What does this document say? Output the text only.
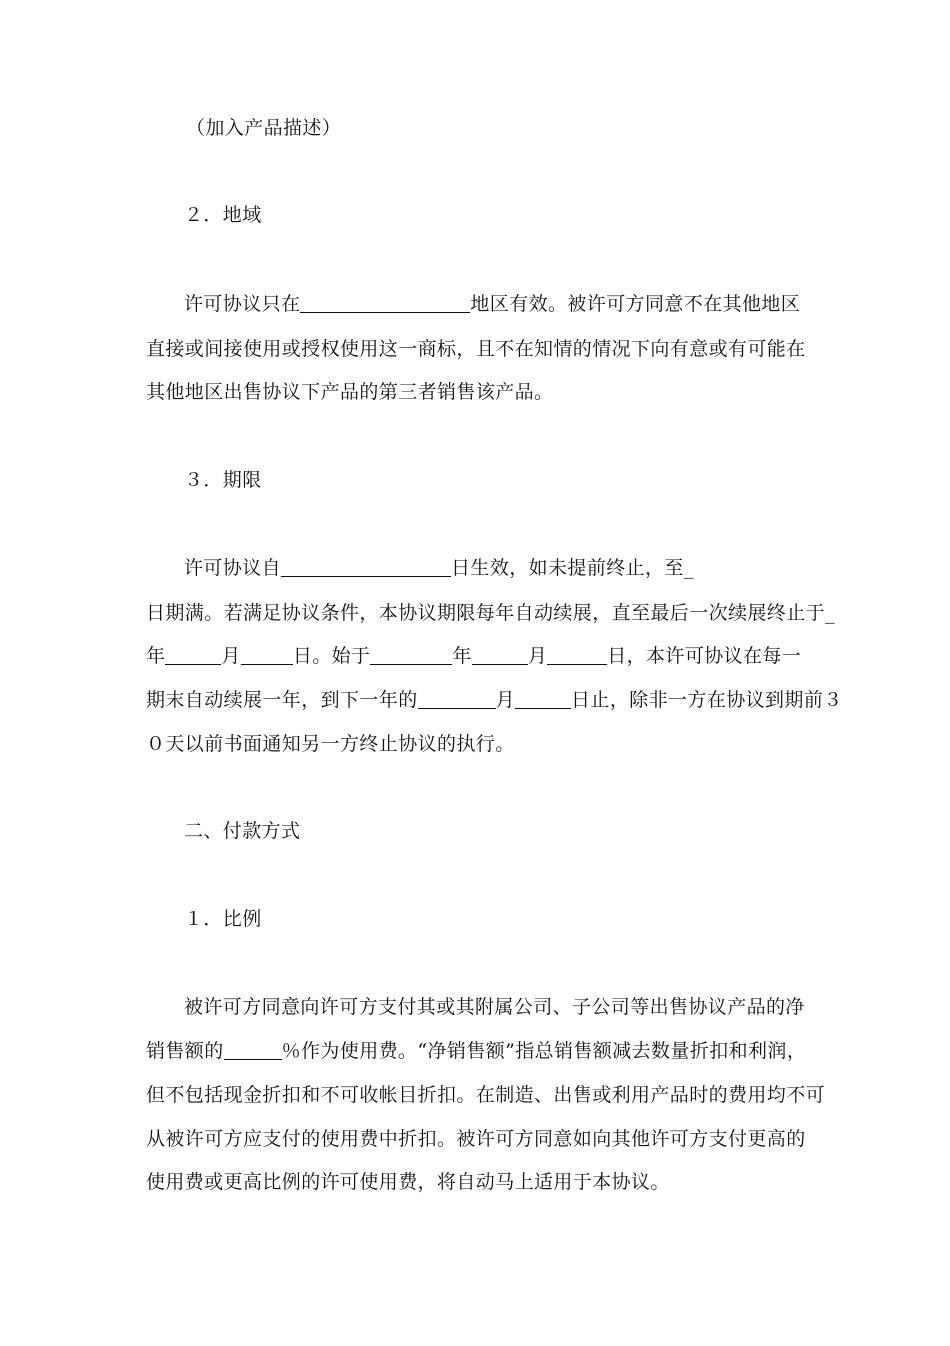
（加入产品描述）
２．地域
许可协议只在	地区有效。被许可方同意不在其他地区
直接或间接使用或授权使用这一商标，且不在知情的情况下向有意或有可能在
其他地区出售协议下产品的第三者销售该产品。
３．期限
许可协议自	日生效，如未提前终止，至_
日期满。若满足协议条件，本协议期限每年自动续展，直至最后一次续展终止于_
年	月	日。始于	年	月	日，本许可协议在每一
期末自动续展一年，到下一年的	月	日止，除非一方在协议到期前３
０天以前书面通知另一方终止协议的执行。
二、付款方式
１．比例
被许可方同意向许可方支付其或其附属公司、子公司等出售协议产品的净
销售额的	％作为使用费。“净销售额”指总销售额减去数量折扣和利润，
但不包括现金折扣和不可收帐目折扣。在制造、出售或利用产品时的费用均不可
从被许可方应支付的使用费中折扣。被许可方同意如向其他许可方支付更高的
使用费或更高比例的许可使用费，将自动马上适用于本协议。
